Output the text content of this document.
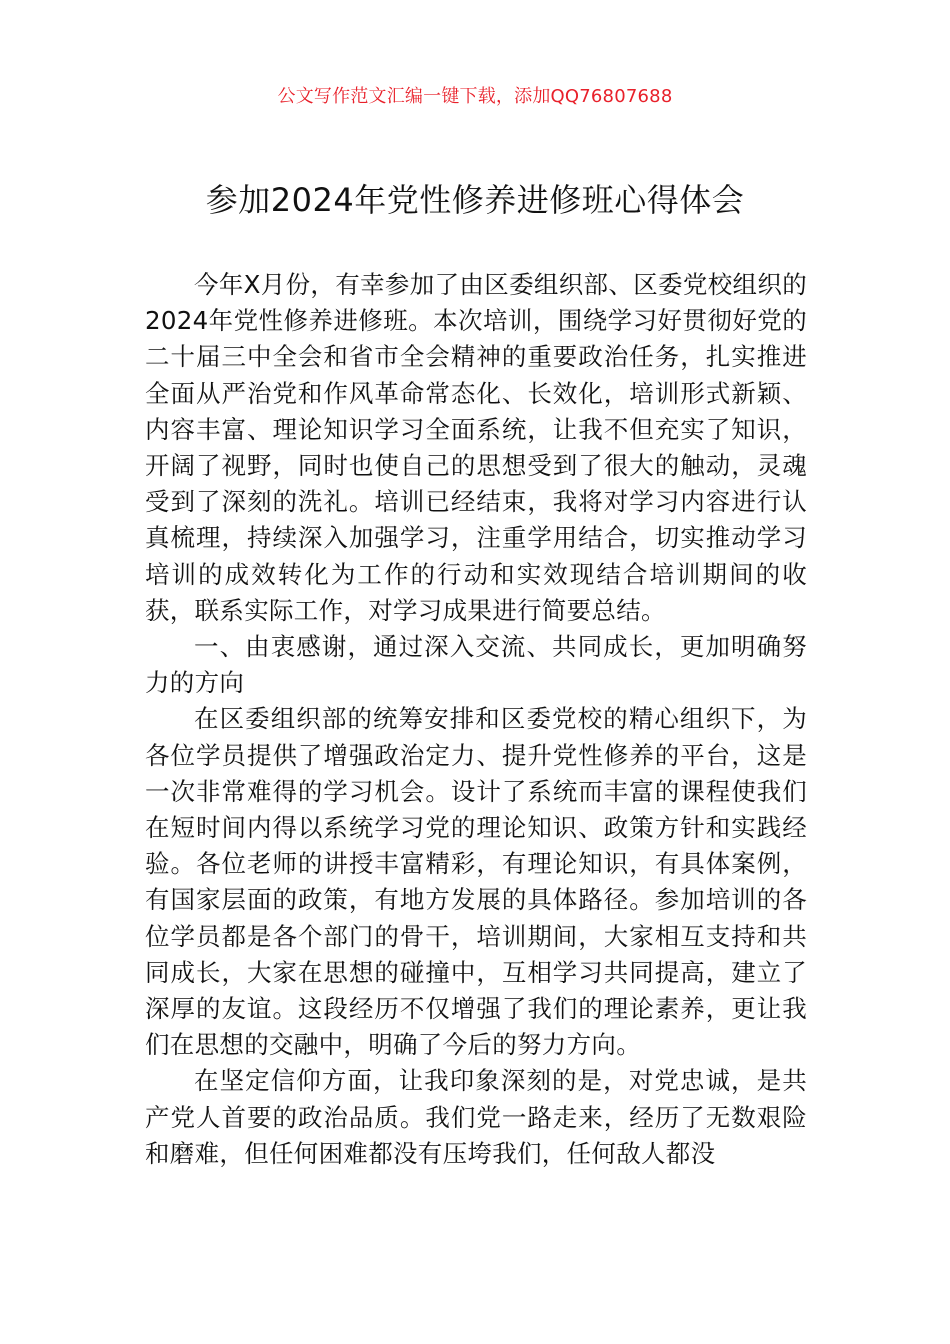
公文写作范文汇编一键下载，添加QQ76807688
参加2024年党性修养进修班心得体会

今年X月份，有幸参加了由区委组织部、区委党校组织的2024年党性修养进修班。本次培训，围绕学习好贯彻好党的二十届三中全会和省市全会精神的重要政治任务，扎实推进全面从严治党和作风革命常态化、长效化，培训形式新颖、内容丰富、理论知识学习全面系统，让我不但充实了知识，开阔了视野，同时也使自己的思想受到了很大的触动，灵魂受到了深刻的洗礼。培训已经结束，我将对学习内容进行认真梳理，持续深入加强学习，注重学用结合，切实推动学习培训的成效转化为工作的行动和实效现结合培训期间的收获，联系实际工作，对学习成果进行简要总结。

一、由衷感谢，通过深入交流、共同成长，更加明确努力的方向

在区委组织部的统筹安排和区委党校的精心组织下，为各位学员提供了增强政治定力、提升党性修养的平台，这是一次非常难得的学习机会。设计了系统而丰富的课程使我们在短时间内得以系统学习党的理论知识、政策方针和实践经验。各位老师的讲授丰富精彩，有理论知识，有具体案例，有国家层面的政策，有地方发展的具体路径。参加培训的各位学员都是各个部门的骨干，培训期间，大家相互支持和共同成长，大家在思想的碰撞中，互相学习共同提高，建立了深厚的友谊。这段经历不仅增强了我们的理论素养，更让我们在思想的交融中，明确了今后的努力方向。

在坚定信仰方面，让我印象深刻的是，对党忠诚，是共产党人首要的政治品质。我们党一路走来，经历了无数艰险和磨难，但任何困难都没有压垮我们，任何敌人都没
